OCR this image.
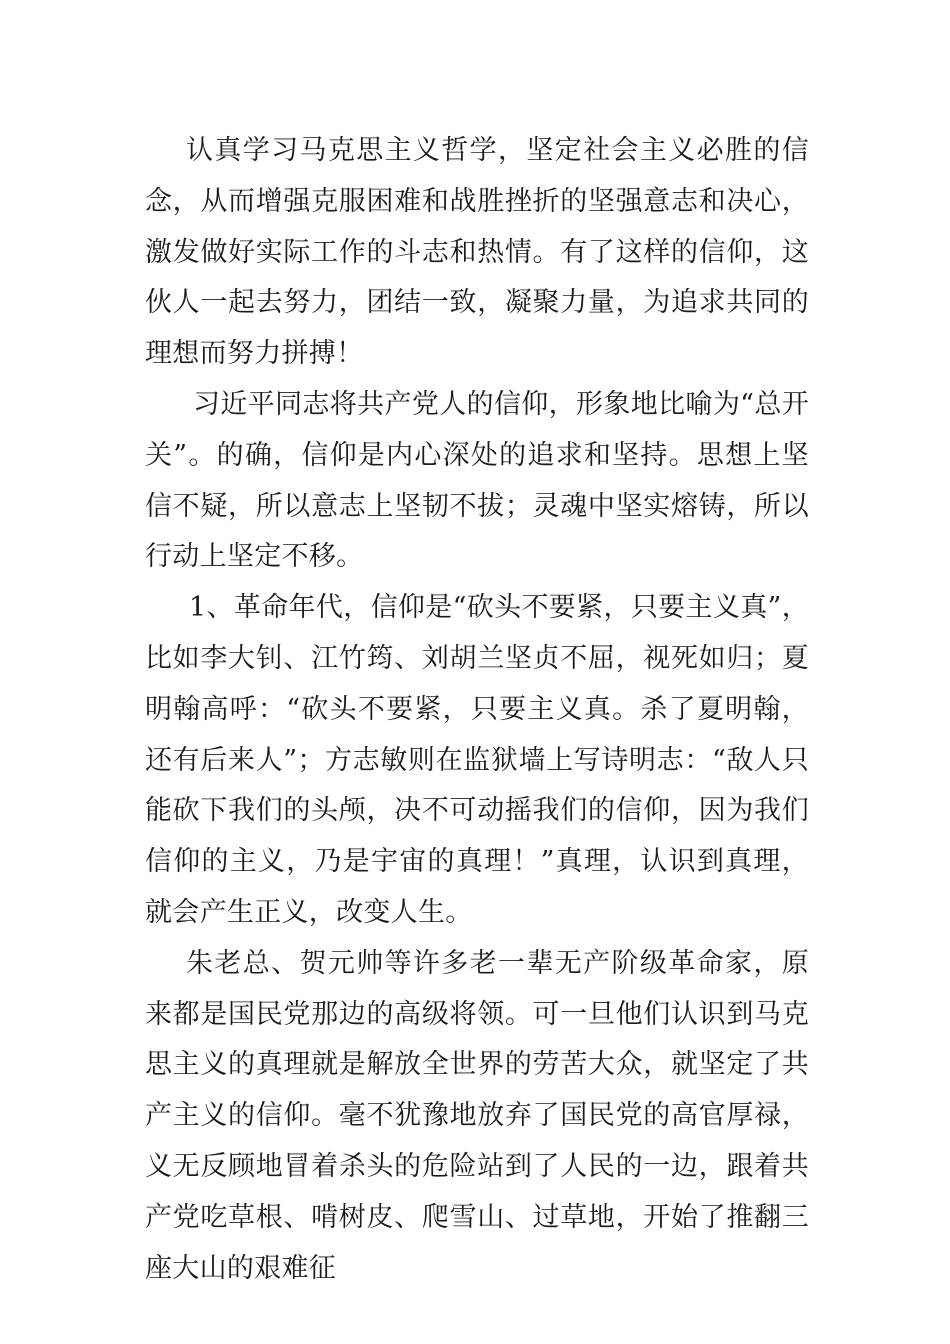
认真学习马克思主义哲学，坚定社会主义必胜的信念，从而增强克服困难和战胜挫折的坚强意志和决心，激发做好实际工作的斗志和热情。有了这样的信仰，这伙人一起去努力，团结一致，凝聚力量，为追求共同的理想而努力拼搏！

习近平同志将共产党人的信仰，形象地比喻为“总开关”。的确，信仰是内心深处的追求和坚持。思想上坚信不疑，所以意志上坚韧不拔；灵魂中坚实熔铸，所以行动上坚定不移。

1、革命年代，信仰是“砍头不要紧，只要主义真”，比如李大钊、江竹筠、刘胡兰坚贞不屈，视死如归；夏明翰高呼：“砍头不要紧，只要主义真。杀了夏明翰，还有后来人”；方志敏则在监狱墙上写诗明志：“敌人只能砍下我们的头颅，决不可动摇我们的信仰，因为我们信仰的主义，乃是宇宙的真理！”真理，认识到真理，就会产生正义，改变人生。

朱老总、贺元帅等许多老一辈无产阶级革命家，原来都是国民党那边的高级将领。可一旦他们认识到马克思主义的真理就是解放全世界的劳苦大众，就坚定了共产主义的信仰。毫不犹豫地放弃了国民党的高官厚禄，义无反顾地冒着杀头的危险站到了人民的一边，跟着共产党吃草根、啃树皮、爬雪山、过草地，开始了推翻三座大山的艰难征
